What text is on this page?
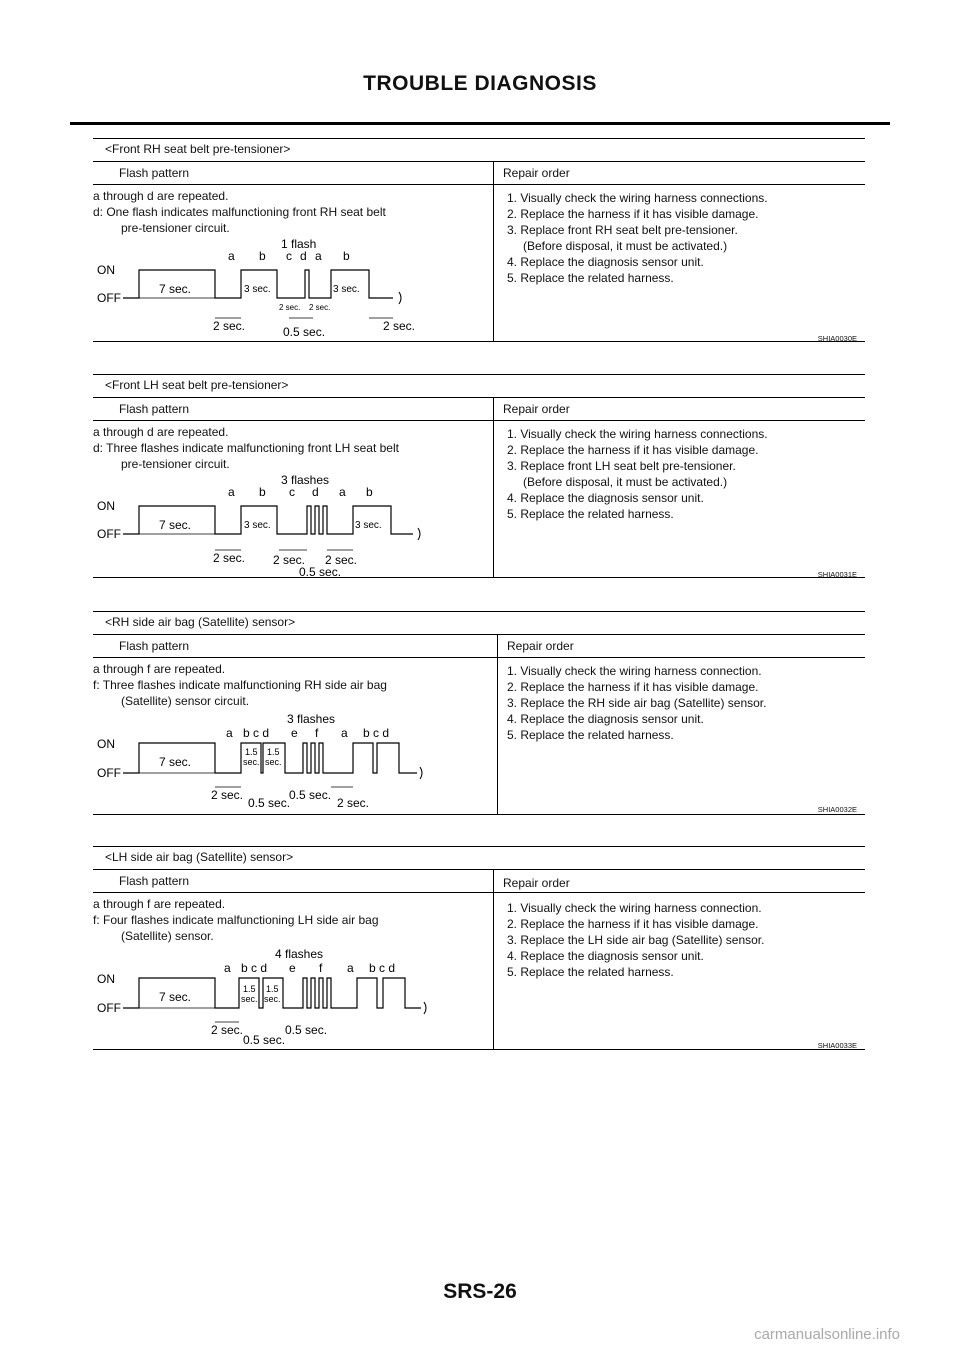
TROUBLE DIAGNOSIS
<Front RH seat belt pre-tensioner>
Flash pattern	Repair order
a through d are repeated.
d: One flash indicates malfunctioning front RH seat belt
pre-tensioner circuit.
1. Visually check the wiring harness connections.
2. Replace the harness if it has visible damage.
3. Replace front RH seat belt pre-tensioner.
(Before disposal, it must be activated.)
4. Replace the diagnosis sensor unit.
5. Replace the related harness.
SHIA0030E
1 flash
a b c d a b
ON
OFF
7 sec.	3 sec.	3 sec.
2 sec. 2 sec.
2 sec.	0.5 sec.	2 sec.
<Front LH seat belt pre-tensioner>
Flash pattern	Repair order
a through d are repeated.
d: Three flashes indicate malfunctioning front LH seat belt
pre-tensioner circuit.
1. Visually check the wiring harness connections.
2. Replace the harness if it has visible damage.
3. Replace front LH seat belt pre-tensioner.
(Before disposal, it must be activated.)
4. Replace the diagnosis sensor unit.
5. Replace the related harness.
SHIA0031E
3 flashes
a b c d a b
ON
OFF
7 sec.	3 sec.	3 sec.
2 sec. 2 sec. 2 sec.
0.5 sec.
<RH side air bag (Satellite) sensor>
Flash pattern	Repair order
a through f are repeated.
f: Three flashes indicate malfunctioning RH side air bag
(Satellite) sensor circuit.
1. Visually check the wiring harness connection.
2. Replace the harness if it has visible damage.
3. Replace the RH side air bag (Satellite) sensor.
4. Replace the diagnosis sensor unit.
5. Replace the related harness.
SHIA0032E
3 flashes
a b c d e f a b c d
ON
OFF
7 sec.
1.5
sec.
1.5
sec.
2 sec.
0.5 sec.
0.5 sec.
2 sec.
<LH side air bag (Satellite) sensor>
Flash pattern	Repair order
a through f are repeated.
f: Four flashes indicate malfunctioning LH side air bag
(Satellite) sensor.
1. Visually check the wiring harness connection.
2. Replace the harness if it has visible damage.
3. Replace the LH side air bag (Satellite) sensor.
4. Replace the diagnosis sensor unit.
5. Replace the related harness.
SHIA0033E
4 flashes
a b c d e f a b c d
ON
OFF
7 sec.
1.5
sec.
1.5
sec.
2 sec.	0.5 sec.
0.5 sec.
SRS-26
carmanualsonline.info
